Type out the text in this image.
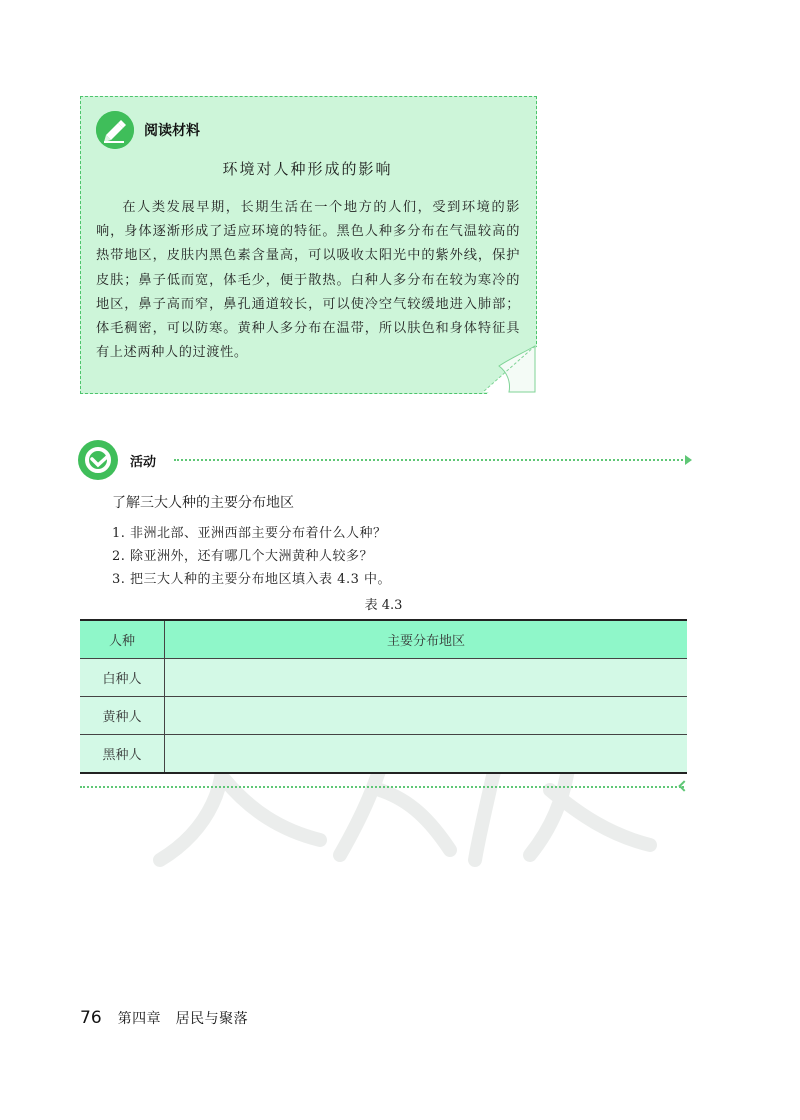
阅读材料
环境对人种形成的影响
在人类发展早期，长期生活在一个地方的人们，受到环境的影响，身体逐渐形成了适应环境的特征。黑色人种多分布在气温较高的热带地区，皮肤内黑色素含量高，可以吸收太阳光中的紫外线，保护皮肤；鼻子低而宽，体毛少，便于散热。白种人多分布在较为寒冷的地区，鼻子高而窄，鼻孔通道较长，可以使冷空气较缓地进入肺部；体毛稠密，可以防寒。黄种人多分布在温带，所以肤色和身体特征具有上述两种人的过渡性。
活动
了解三大人种的主要分布地区
1. 非洲北部、亚洲西部主要分布着什么人种？
2. 除亚洲外，还有哪几个大洲黄种人较多？
3. 把三大人种的主要分布地区填入表 4.3 中。
表 4.3
人种	主要分布地区
白种人	
黄种人	
黑种人	
76 第四章　居民与聚落
